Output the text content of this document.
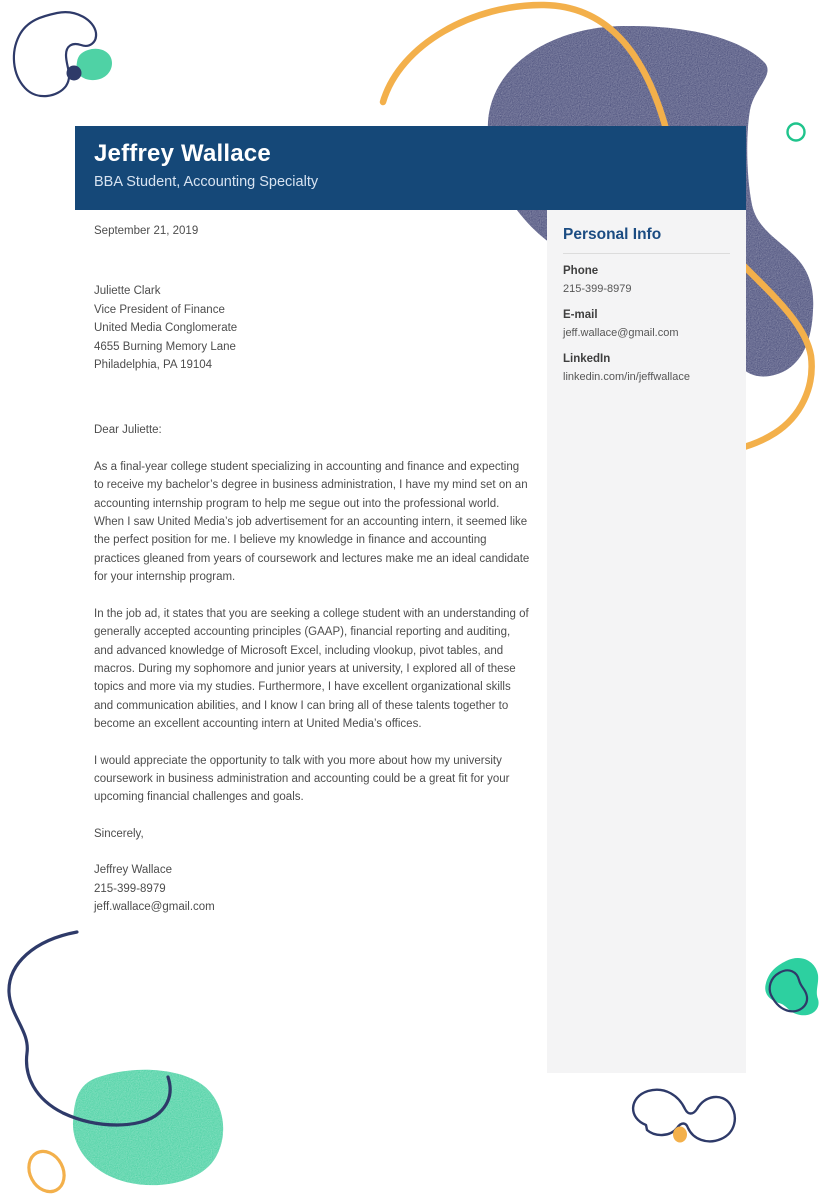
Jeffrey Wallace
BBA Student, Accounting Specialty
September 21, 2019
Juliette Clark
Vice President of Finance
United Media Conglomerate
4655 Burning Memory Lane
Philadelphia, PA 19104
Dear Juliette:
As a final-year college student specializing in accounting and finance and expecting to receive my bachelor’s degree in business administration, I have my mind set on an accounting internship program to help me segue out into the professional world. When I saw United Media’s job advertisement for an accounting intern, it seemed like the perfect position for me. I believe my knowledge in finance and accounting practices gleaned from years of coursework and lectures make me an ideal candidate for your internship program.
In the job ad, it states that you are seeking a college student with an understanding of generally accepted accounting principles (GAAP), financial reporting and auditing, and advanced knowledge of Microsoft Excel, including vlookup, pivot tables, and macros. During my sophomore and junior years at university, I explored all of these topics and more via my studies. Furthermore, I have excellent organizational skills and communication abilities, and I know I can bring all of these talents together to become an excellent accounting intern at United Media’s offices.
I would appreciate the opportunity to talk with you more about how my university coursework in business administration and accounting could be a great fit for your upcoming financial challenges and goals.
Sincerely,
Jeffrey Wallace
215-399-8979
jeff.wallace@gmail.com
Personal Info
Phone
215-399-8979
E-mail
jeff.wallace@gmail.com
LinkedIn
linkedin.com/in/jeffwallace
